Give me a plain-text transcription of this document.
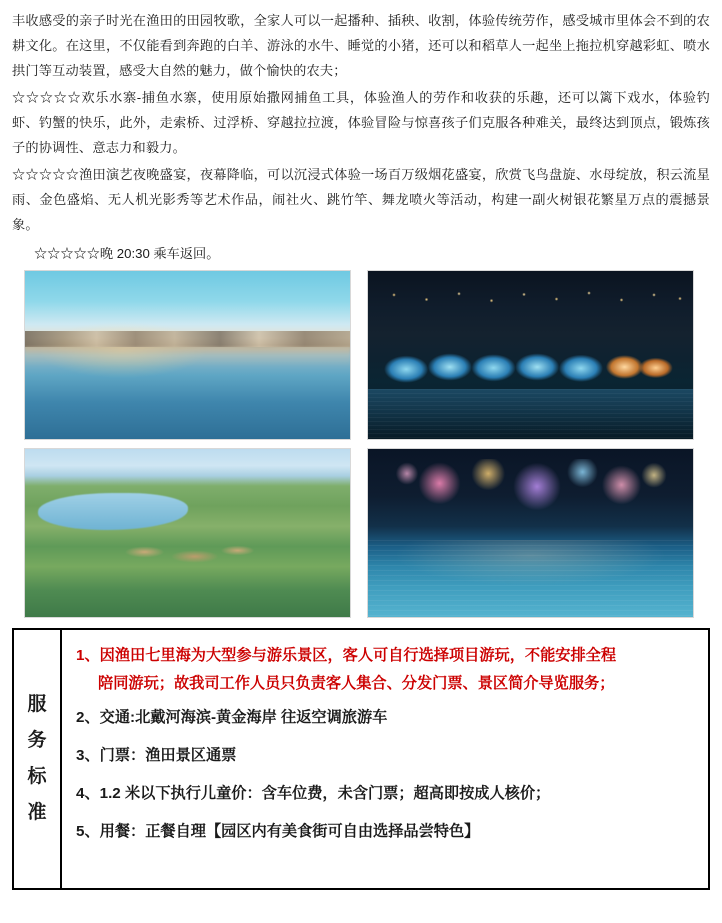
丰收感受的亲子时光在渔田的田园牧歌，全家人可以一起播种、插秧、收割，体验传统劳作，感受城市里体会不到的农耕文化。在这里，不仅能看到奔跑的白羊、游泳的水牛、睡觉的小猪，还可以和稻草人一起坐上拖拉机穿越彩虹、喷水拱门等互动装置，感受大自然的魅力，做个愉快的农夫；

☆☆☆☆☆欢乐水寨-捕鱼水寨，使用原始撒网捕鱼工具，体验渔人的劳作和收获的乐趣，还可以篱下戏水，体验钓虾、钓蟹的快乐，此外，走索桥、过浮桥、穿越拉拉渡，体验冒险与惊喜孩子们克服各种难关，最终达到顶点，锻炼孩子的协调性、意志力和毅力。

☆☆☆☆☆渔田演艺夜晚盛宴，夜幕降临，可以沉浸式体验一场百万级烟花盛宴，欣赏飞鸟盘旋、水母绽放，积云流星雨、金色盛焰、无人机光影秀等艺术作品，闹社火、跳竹竿、舞龙喷火等活动，构建一副火树银花繁星万点的震撼景象。

☆☆☆☆☆晚 20:30 乘车返回。
服
务
标
准
1、因渔田七里海为大型参与游乐景区，客人可自行选择项目游玩，不能安排全程
陪同游玩；故我司工作人员只负责客人集合、分发门票、景区简介导览服务；
2、交通:北戴河海滨-黄金海岸 往返空调旅游车
3、门票：渔田景区通票
4、1.2 米以下执行儿童价：含车位费，未含门票；超高即按成人核价；
5、用餐：正餐自理【园区内有美食街可自由选择品尝特色】
